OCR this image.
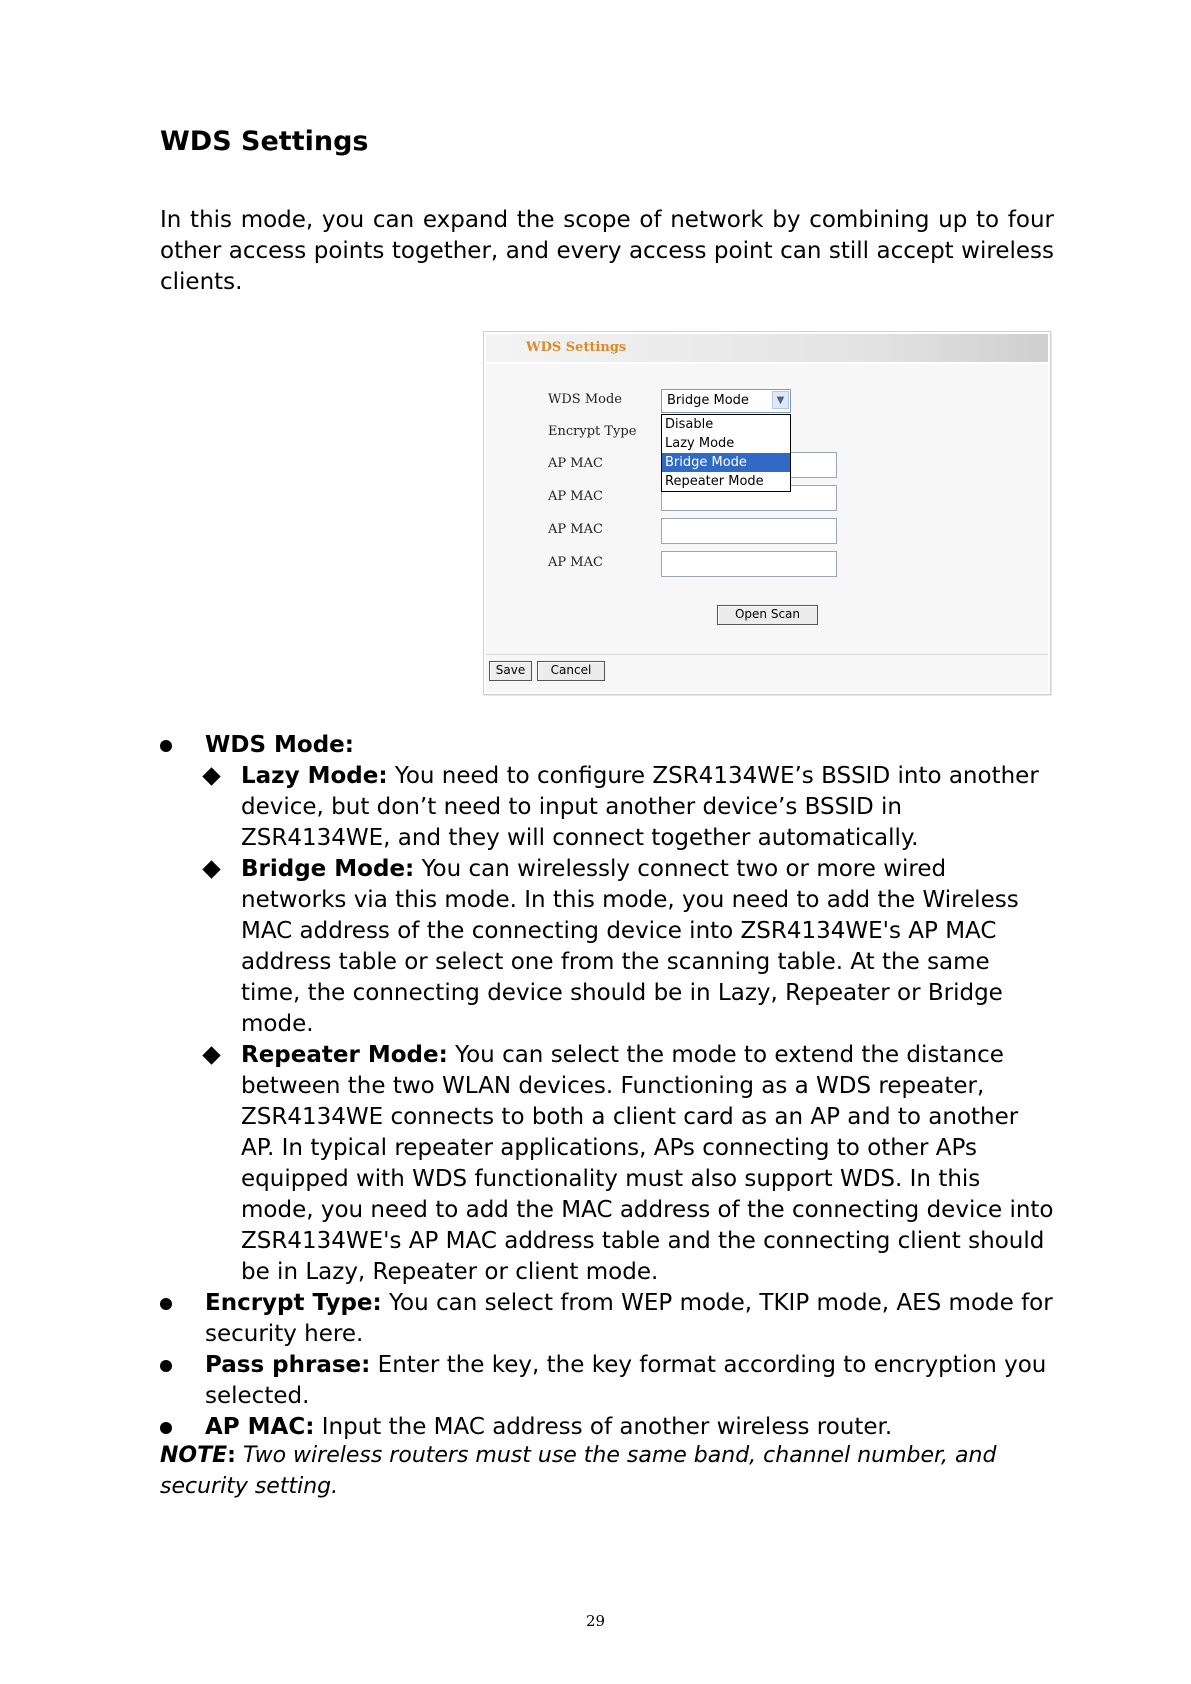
WDS Settings

In this mode, you can expand the scope of network by combining up to four other access points together, and every access point can still accept wireless clients.

WDS Settings
WDS Mode	Bridge Mode	▼
Disable
Lazy Mode
Bridge Mode
Repeater Mode
Encrypt Type
AP MAC
AP MAC
AP MAC
AP MAC
Open Scan
Save	Cancel

WDS Mode:

Lazy Mode: You need to configure ZSR4134WE’s BSSID into another device, but don’t need to input another device’s BSSID in ZSR4134WE, and they will connect together automatically.

Bridge Mode: You can wirelessly connect two or more wired networks via this mode. In this mode, you need to add the Wireless MAC address of the connecting device into ZSR4134WE's AP MAC address table or select one from the scanning table. At the same time, the connecting device should be in Lazy, Repeater or Bridge mode.

Repeater Mode: You can select the mode to extend the distance between the two WLAN devices. Functioning as a WDS repeater, ZSR4134WE connects to both a client card as an AP and to another AP. In typical repeater applications, APs connecting to other APs equipped with WDS functionality must also support WDS. In this mode, you need to add the MAC address of the connecting device into ZSR4134WE's AP MAC address table and the connecting client should be in Lazy, Repeater or client mode.

Encrypt Type: You can select from WEP mode, TKIP mode, AES mode for security here.

Pass phrase: Enter the key, the key format according to encryption you selected.

AP MAC: Input the MAC address of another wireless router.

NOTE: Two wireless routers must use the same band, channel number, and security setting.

29
